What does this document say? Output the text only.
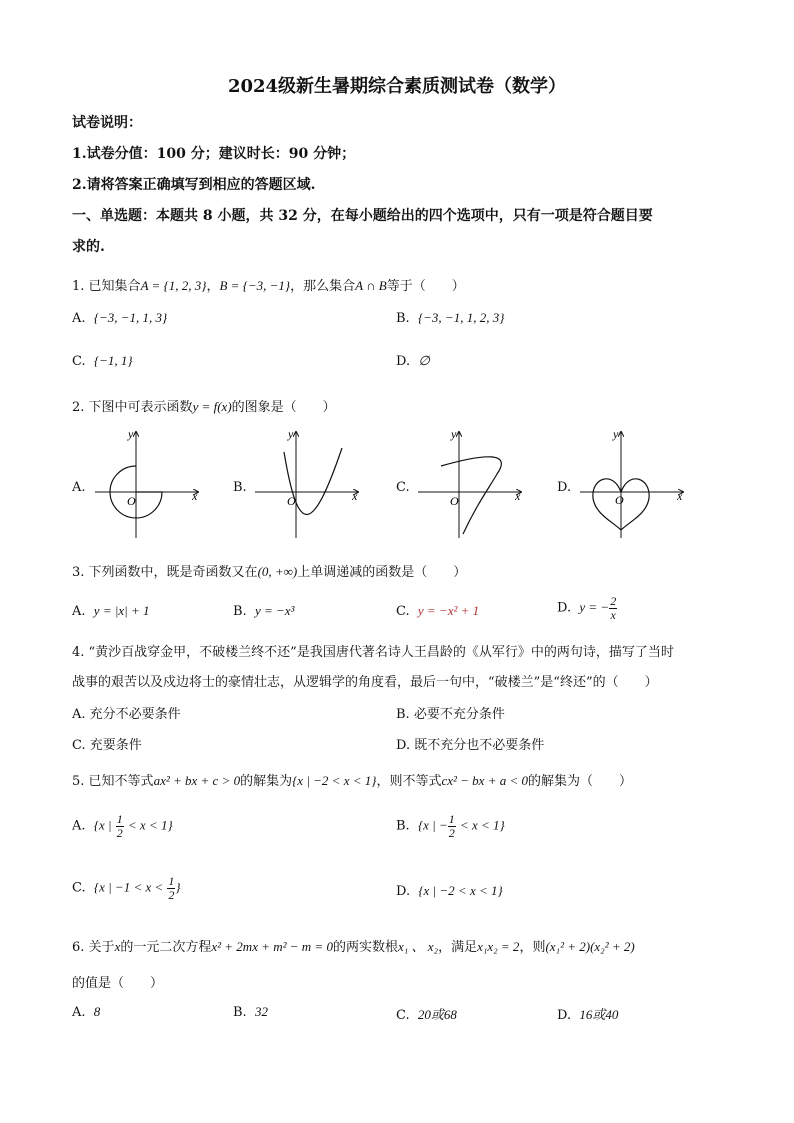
2024级新生暑期综合素质测试卷（数学）
试卷说明：
1.试卷分值：100 分；建议时长：90 分钟；
2.请将答案正确填写到相应的答题区域.
一、单选题：本题共 8 小题，共 32 分，在每小题给出的四个选项中，只有一项是符合题目要
求的.
1. 已知集合A = {1, 2, 3}，B = {−3, −1}，那么集合A ∩ B等于（　　）
A. {−3, −1, 1, 3}	B. {−3, −1, 1, 2, 3}
C. {−1, 1}	D. ∅
2. 下图中可表示函数y = f(x)的图象是（　　）
A.	B.	C.	D.
y
x
O
y
x
O
y
x
O
y
x
O
3. 下列函数中，既是奇函数又在(0, +∞)上单调递减的函数是（　　）
A. y = |x| + 1	B. y = −x³	C. y = −x² + 1	D. y = − $\frac{2}{x}$
4. “黄沙百战穿金甲，不破楼兰终不还”是我国唐代著名诗人王昌龄的《从军行》中的两句诗，描写了当时
战事的艰苦以及戍边将士的豪情壮志，从逻辑学的角度看，最后一句中，“破楼兰”是“终还”的（　　）
A. 充分不必要条件	B. 必要不充分条件
C. 充要条件	D. 既不充分也不必要条件
5. 已知不等式ax² + bx + c > 0的解集为{x | −2 < x < 1}，则不等式cx² − bx + a < 0的解集为（　　）
A. {x | $\frac{1}{2} < x < 1$}	B. {x | − $\frac{1}{2} < x < 1$}
C. {x | $-1 < x < \frac{1}{2}$ }	D. {x | −2 < x < 1}
6. 关于x的一元二次方程x² + 2mx + m² − m = 0的两实数根x₁ 、 x₂，满足x₁x₂ = 2，则(x₁² + 2)(x₂² + 2)
的值是（　　）
A. 8	B. 32	C. 20或68	D. 16或40
